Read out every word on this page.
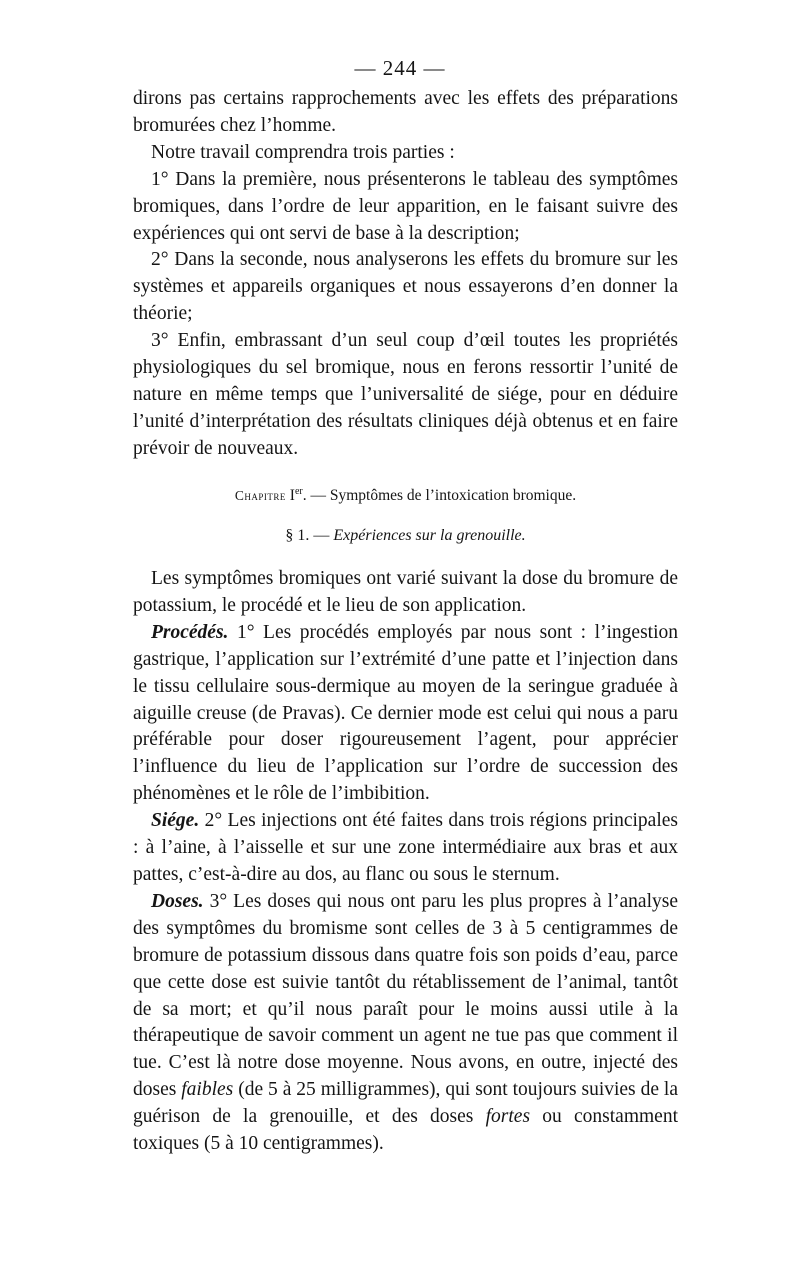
— 244 —

dirons pas certains rapprochements avec les effets des préparations bromurées chez l’homme.

Notre travail comprendra trois parties :

1° Dans la première, nous présenterons le tableau des symptômes bromiques, dans l’ordre de leur apparition, en le faisant suivre des expériences qui ont servi de base à la description;

2° Dans la seconde, nous analyserons les effets du bromure sur les systèmes et appareils organiques et nous essayerons d’en donner la théorie;

3° Enfin, embrassant d’un seul coup d’œil toutes les propriétés physiologiques du sel bromique, nous en ferons ressortir l’unité de nature en même temps que l’universalité de siége, pour en déduire l’unité d’interprétation des résultats cliniques déjà obtenus et en faire prévoir de nouveaux.

Chapitre Ier. — Symptômes de l’intoxication bromique.
§ 1. — Expériences sur la grenouille.

Les symptômes bromiques ont varié suivant la dose du bromure de potassium, le procédé et le lieu de son application.

Procédés. 1° Les procédés employés par nous sont : l’ingestion gastrique, l’application sur l’extrémité d’une patte et l’injection dans le tissu cellulaire sous-dermique au moyen de la seringue graduée à aiguille creuse (de Pravas). Ce dernier mode est celui qui nous a paru préférable pour doser rigoureusement l’agent, pour apprécier l’influence du lieu de l’application sur l’ordre de succession des phénomènes et le rôle de l’imbibition.

Siége. 2° Les injections ont été faites dans trois régions principales : à l’aine, à l’aisselle et sur une zone intermédiaire aux bras et aux pattes, c’est-à-dire au dos, au flanc ou sous le sternum.

Doses. 3° Les doses qui nous ont paru les plus propres à l’analyse des symptômes du bromisme sont celles de 3 à 5 centigrammes de bromure de potassium dissous dans quatre fois son poids d’eau, parce que cette dose est suivie tantôt du rétablissement de l’animal, tantôt de sa mort; et qu’il nous paraît pour le moins aussi utile à la thérapeutique de savoir comment un agent ne tue pas que comment il tue. C’est là notre dose moyenne. Nous avons, en outre, injecté des doses faibles (de 5 à 25 milligrammes), qui sont toujours suivies de la guérison de la grenouille, et des doses fortes ou constamment toxiques (5 à 10 centigrammes).
